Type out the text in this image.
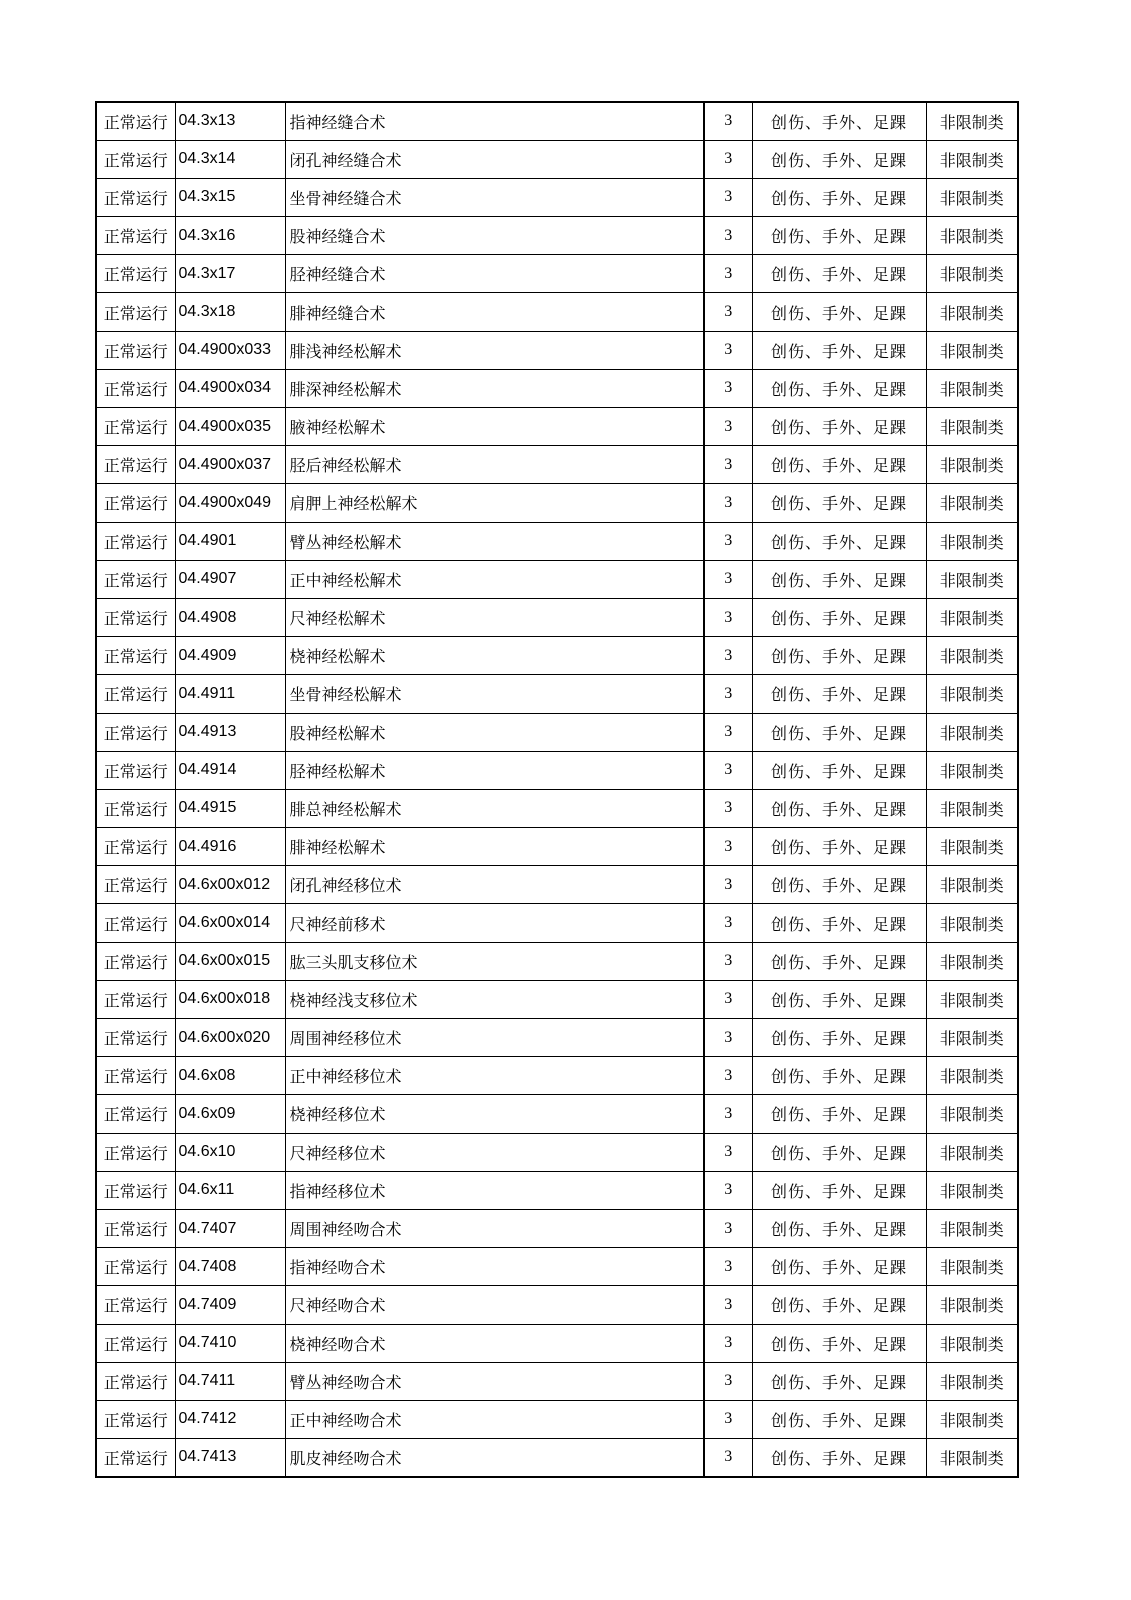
正常运行	04.3x13	指神经缝合术	3	创伤、手外、足踝	非限制类
正常运行	04.3x14	闭孔神经缝合术	3	创伤、手外、足踝	非限制类
正常运行	04.3x15	坐骨神经缝合术	3	创伤、手外、足踝	非限制类
正常运行	04.3x16	股神经缝合术	3	创伤、手外、足踝	非限制类
正常运行	04.3x17	胫神经缝合术	3	创伤、手外、足踝	非限制类
正常运行	04.3x18	腓神经缝合术	3	创伤、手外、足踝	非限制类
正常运行	04.4900x033	腓浅神经松解术	3	创伤、手外、足踝	非限制类
正常运行	04.4900x034	腓深神经松解术	3	创伤、手外、足踝	非限制类
正常运行	04.4900x035	腋神经松解术	3	创伤、手外、足踝	非限制类
正常运行	04.4900x037	胫后神经松解术	3	创伤、手外、足踝	非限制类
正常运行	04.4900x049	肩胛上神经松解术	3	创伤、手外、足踝	非限制类
正常运行	04.4901	臂丛神经松解术	3	创伤、手外、足踝	非限制类
正常运行	04.4907	正中神经松解术	3	创伤、手外、足踝	非限制类
正常运行	04.4908	尺神经松解术	3	创伤、手外、足踝	非限制类
正常运行	04.4909	桡神经松解术	3	创伤、手外、足踝	非限制类
正常运行	04.4911	坐骨神经松解术	3	创伤、手外、足踝	非限制类
正常运行	04.4913	股神经松解术	3	创伤、手外、足踝	非限制类
正常运行	04.4914	胫神经松解术	3	创伤、手外、足踝	非限制类
正常运行	04.4915	腓总神经松解术	3	创伤、手外、足踝	非限制类
正常运行	04.4916	腓神经松解术	3	创伤、手外、足踝	非限制类
正常运行	04.6x00x012	闭孔神经移位术	3	创伤、手外、足踝	非限制类
正常运行	04.6x00x014	尺神经前移术	3	创伤、手外、足踝	非限制类
正常运行	04.6x00x015	肱三头肌支移位术	3	创伤、手外、足踝	非限制类
正常运行	04.6x00x018	桡神经浅支移位术	3	创伤、手外、足踝	非限制类
正常运行	04.6x00x020	周围神经移位术	3	创伤、手外、足踝	非限制类
正常运行	04.6x08	正中神经移位术	3	创伤、手外、足踝	非限制类
正常运行	04.6x09	桡神经移位术	3	创伤、手外、足踝	非限制类
正常运行	04.6x10	尺神经移位术	3	创伤、手外、足踝	非限制类
正常运行	04.6x11	指神经移位术	3	创伤、手外、足踝	非限制类
正常运行	04.7407	周围神经吻合术	3	创伤、手外、足踝	非限制类
正常运行	04.7408	指神经吻合术	3	创伤、手外、足踝	非限制类
正常运行	04.7409	尺神经吻合术	3	创伤、手外、足踝	非限制类
正常运行	04.7410	桡神经吻合术	3	创伤、手外、足踝	非限制类
正常运行	04.7411	臂丛神经吻合术	3	创伤、手外、足踝	非限制类
正常运行	04.7412	正中神经吻合术	3	创伤、手外、足踝	非限制类
正常运行	04.7413	肌皮神经吻合术	3	创伤、手外、足踝	非限制类
